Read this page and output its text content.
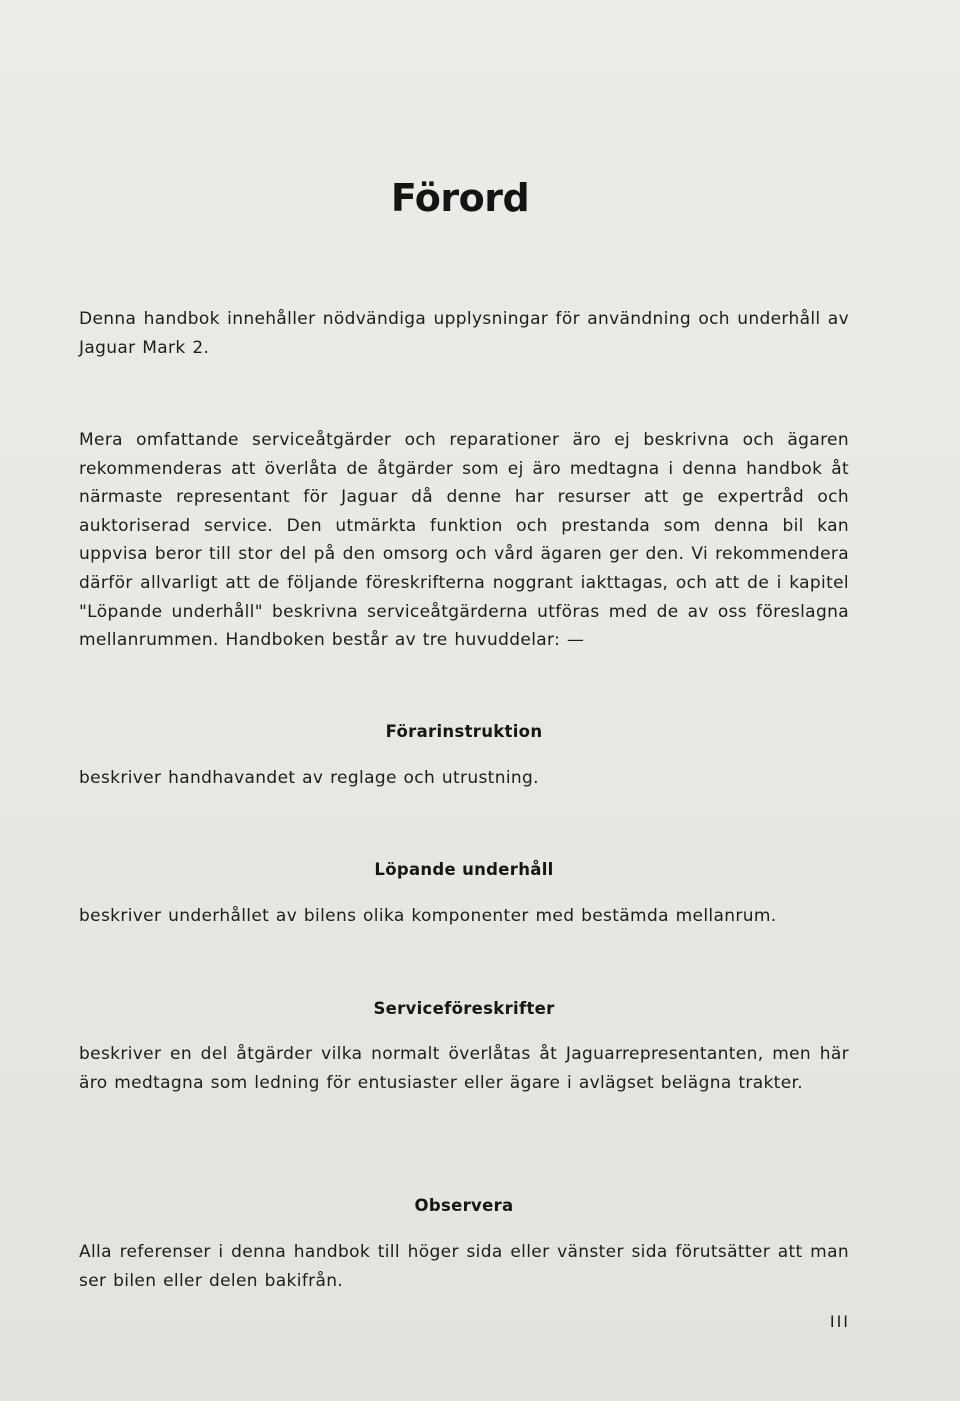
Förord

Denna handbok innehåller nödvändiga upplysningar för användning och underhåll av Jaguar Mark 2.

Mera omfattande serviceåtgärder och reparationer äro ej beskrivna och ägaren rekommenderas att överlåta de åtgärder som ej äro medtagna i denna handbok åt närmaste representant för Jaguar då denne har resurser att ge expertråd och auktoriserad service. Den utmärkta funktion och prestanda som denna bil kan uppvisa beror till stor del på den omsorg och vård ägaren ger den. Vi rekommendera därför allvarligt att de följande föreskrifterna noggrant iakttagas, och att de i kapitel "Löpande underhåll" beskrivna serviceåtgärderna utföras med de av oss föreslagna mellanrummen. Handboken består av tre huvuddelar: —

Förarinstruktion

beskriver handhavandet av reglage och utrustning.

Löpande underhåll

beskriver underhållet av bilens olika komponenter med bestämda mellanrum.

Serviceföreskrifter

beskriver en del åtgärder vilka normalt överlåtas åt Jaguarrepresentanten, men här äro medtagna som ledning för entusiaster eller ägare i avlägset belägna trakter.

Observera

Alla referenser i denna handbok till höger sida eller vänster sida förutsätter att man ser bilen eller delen bakifrån.

III
